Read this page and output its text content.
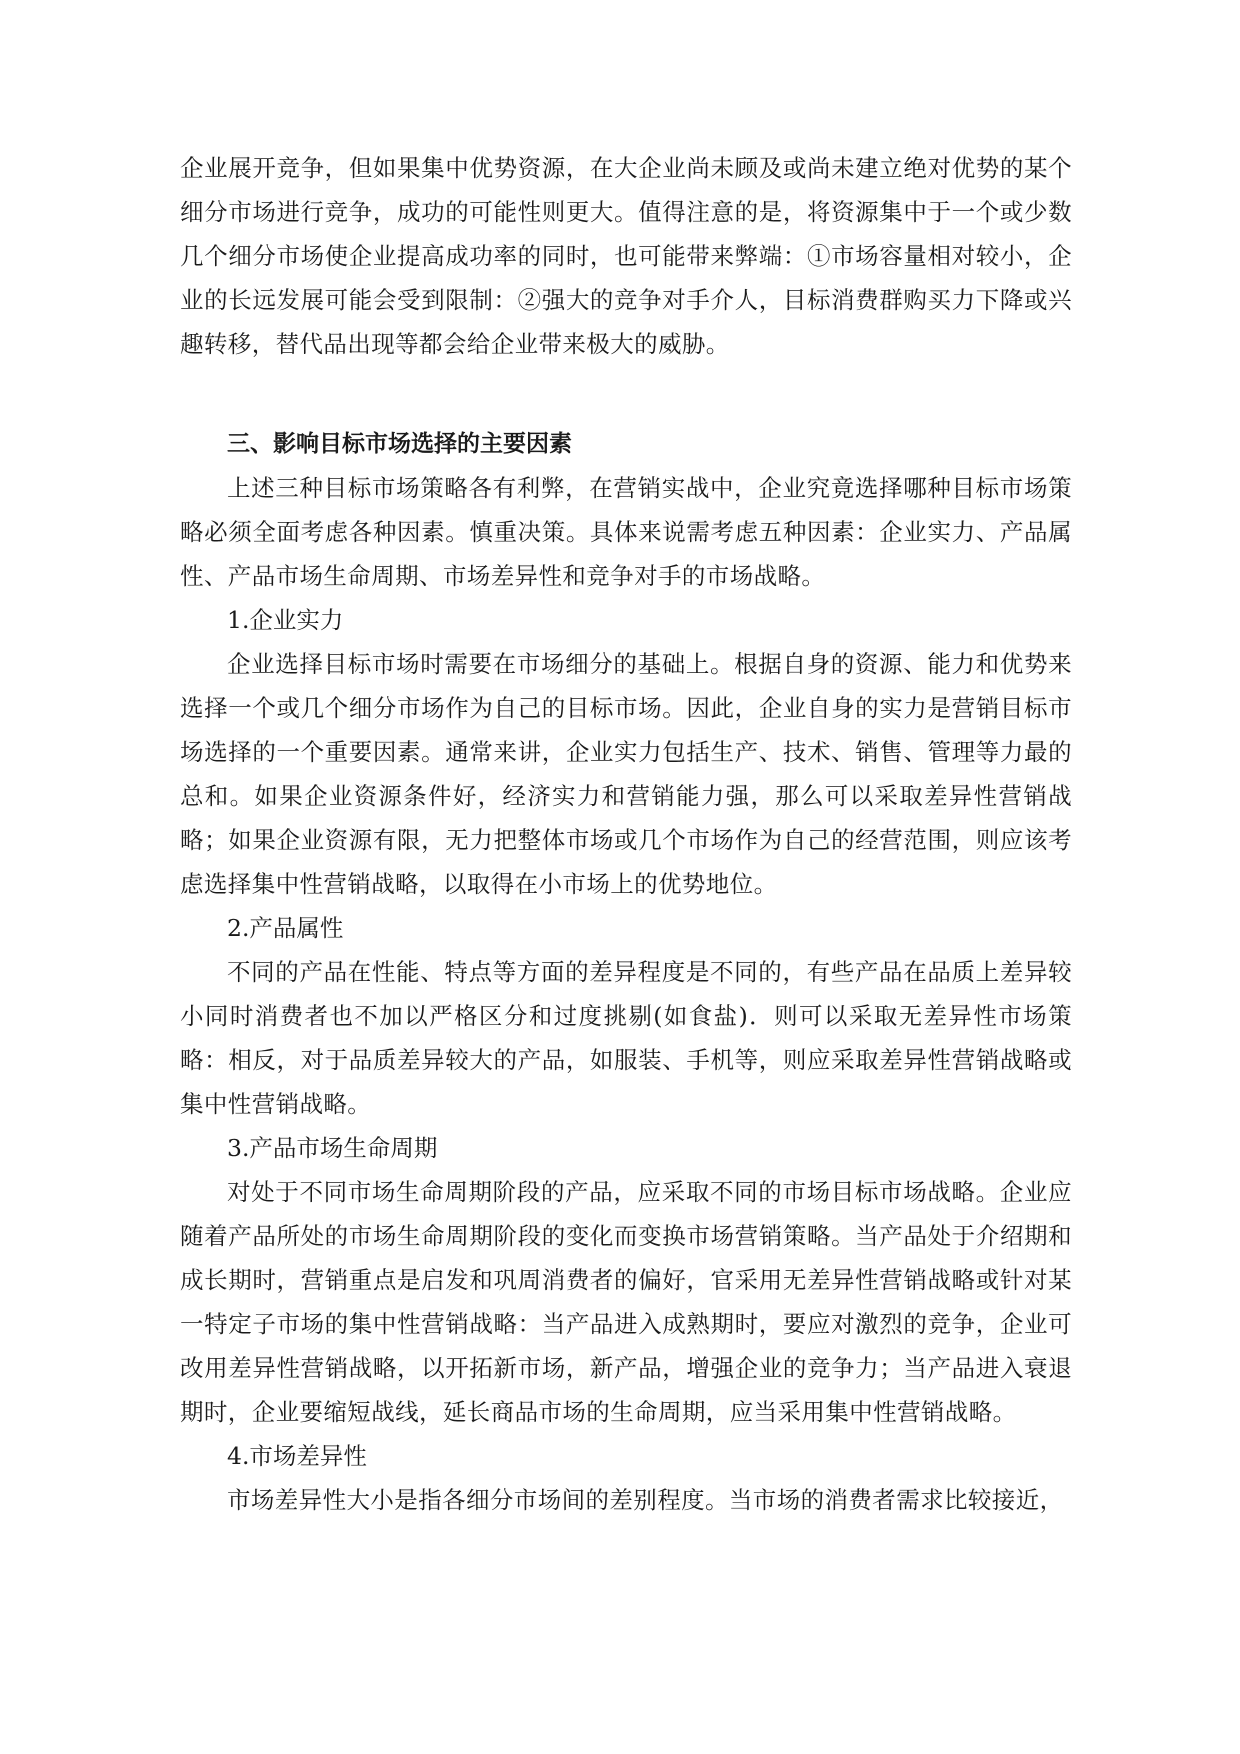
企业展开竞争，但如果集中优势资源，在大企业尚未顾及或尚未建立绝对优势的某个细分市场进行竞争，成功的可能性则更大。值得注意的是，将资源集中于一个或少数几个细分市场使企业提高成功率的同时，也可能带来弊端：①市场容量相对较小，企业的长远发展可能会受到限制：②强大的竞争对手介人，目标消费群购买力下降或兴趣转移，替代品出现等都会给企业带来极大的威胁。

三、影响目标市场选择的主要因素

上述三种目标市场策略各有利弊，在营销实战中，企业究竟选择哪种目标市场策略必须全面考虑各种因素。慎重决策。具体来说需考虑五种因素：企业实力、产品属性、产品市场生命周期、市场差异性和竞争对手的市场战略。

1.企业实力

企业选择目标市场时需要在市场细分的基础上。根据自身的资源、能力和优势来选择一个或几个细分市场作为自己的目标市场。因此，企业自身的实力是营销目标市场选择的一个重要因素。通常来讲，企业实力包括生产、技术、销售、管理等力最的总和。如果企业资源条件好，经济实力和营销能力强，那么可以采取差异性营销战略；如果企业资源有限，无力把整体市场或几个市场作为自己的经营范围，则应该考虑选择集中性营销战略，以取得在小市场上的优势地位。

2.产品属性

不同的产品在性能、特点等方面的差异程度是不同的，有些产品在品质上差异较小同时消费者也不加以严格区分和过度挑剔(如食盐)．则可以采取无差异性市场策略：相反，对于品质差异较大的产品，如服装、手机等，则应采取差异性营销战略或集中性营销战略。

3.产品市场生命周期

对处于不同市场生命周期阶段的产品，应采取不同的市场目标市场战略。企业应随着产品所处的市场生命周期阶段的变化而变换市场营销策略。当产品处于介绍期和成长期时，营销重点是启发和巩周消费者的偏好，官采用无差异性营销战略或针对某一特定子市场的集中性营销战略：当产品进入成熟期时，要应对激烈的竞争，企业可改用差异性营销战略，以开拓新市场，新产品，增强企业的竞争力；当产品进入衰退期时，企业要缩短战线，延长商品市场的生命周期，应当采用集中性营销战略。

4.市场差异性

市场差异性大小是指各细分市场间的差别程度。当市场的消费者需求比较接近，
